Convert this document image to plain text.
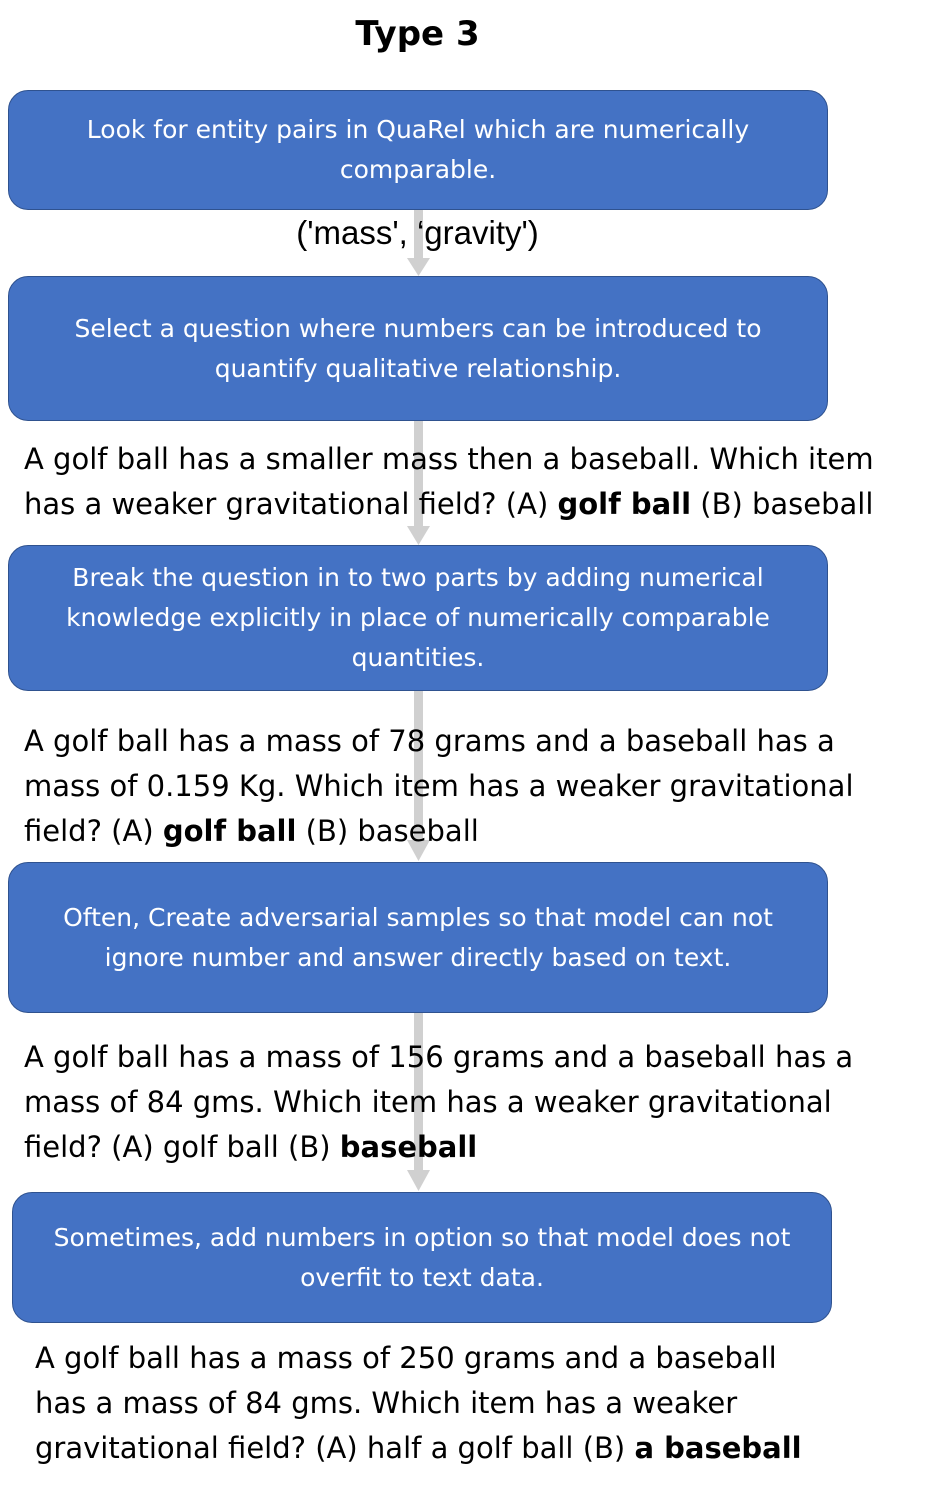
Type 3
Look for entity pairs in QuaRel which are numerically comparable.
('mass', ‘gravity')
Select a question where numbers can be introduced to quantify qualitative relationship.
A golf ball has a smaller mass then a baseball. Which item
has a weaker gravitational field? (A) golf ball (B) baseball
Break the question in to two parts by adding numerical knowledge explicitly in place of numerically comparable quantities.
A golf ball has a mass of 78 grams and a baseball has a
mass of 0.159 Kg. Which item has a weaker gravitational
field? (A) golf ball (B) baseball
Often, Create adversarial samples so that model can not ignore number and answer directly based on text.
A golf ball has a mass of 156 grams and a baseball has a
mass of 84 gms. Which item has a weaker gravitational
field? (A) golf ball (B) baseball
Sometimes, add numbers in option so that model does not overfit to text data.
A golf ball has a mass of 250 grams and a baseball
has a mass of 84 gms. Which item has a weaker
gravitational field? (A) half a golf ball (B) a baseball
